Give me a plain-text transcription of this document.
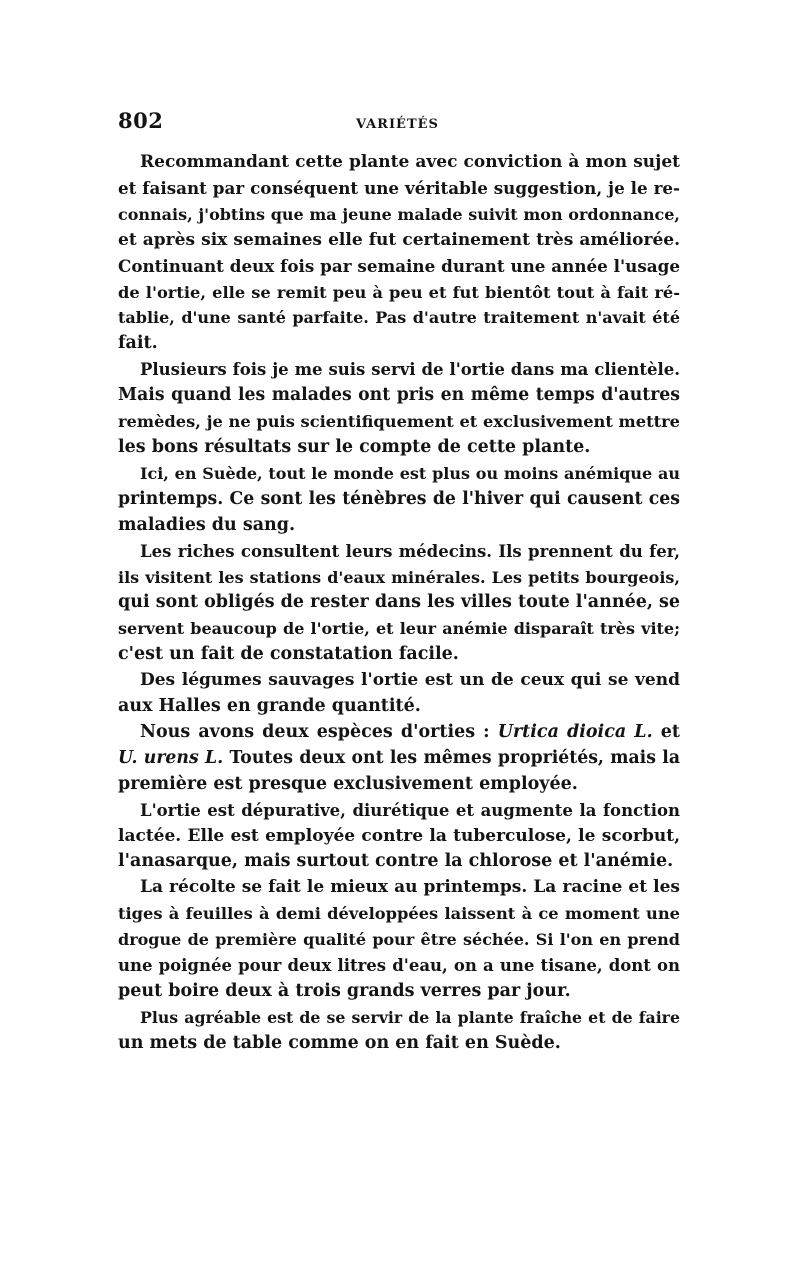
802	VARIÉTÉS

Recommandant cette plante avec conviction à mon sujet
et faisant par conséquent une véritable suggestion, je le re-
connais, j'obtins que ma jeune malade suivit mon ordonnance,
et après six semaines elle fut certainement très améliorée.
Continuant deux fois par semaine durant une année l'usage
de l'ortie, elle se remit peu à peu et fut bientôt tout à fait ré-
tablie, d'une santé parfaite. Pas d'autre traitement n'avait été
fait.

Plusieurs fois je me suis servi de l'ortie dans ma clientèle.
Mais quand les malades ont pris en même temps d'autres
remèdes, je ne puis scientifiquement et exclusivement mettre
les bons résultats sur le compte de cette plante.

Ici, en Suède, tout le monde est plus ou moins anémique au
printemps. Ce sont les ténèbres de l'hiver qui causent ces
maladies du sang.

Les riches consultent leurs médecins. Ils prennent du fer,
ils visitent les stations d'eaux minérales. Les petits bourgeois,
qui sont obligés de rester dans les villes toute l'année, se
servent beaucoup de l'ortie, et leur anémie disparaît très vite;
c'est un fait de constatation facile.

Des légumes sauvages l'ortie est un de ceux qui se vend
aux Halles en grande quantité.

Nous avons deux espèces d'orties : Urtica dioica L. et
U. urens L. Toutes deux ont les mêmes propriétés, mais la
première est presque exclusivement employée.

L'ortie est dépurative, diurétique et augmente la fonction
lactée. Elle est employée contre la tuberculose, le scorbut,
l'anasarque, mais surtout contre la chlorose et l'anémie.

La récolte se fait le mieux au printemps. La racine et les
tiges à feuilles à demi développées laissent à ce moment une
drogue de première qualité pour être séchée. Si l'on en prend
une poignée pour deux litres d'eau, on a une tisane, dont on
peut boire deux à trois grands verres par jour.

Plus agréable est de se servir de la plante fraîche et de faire
un mets de table comme on en fait en Suède.
